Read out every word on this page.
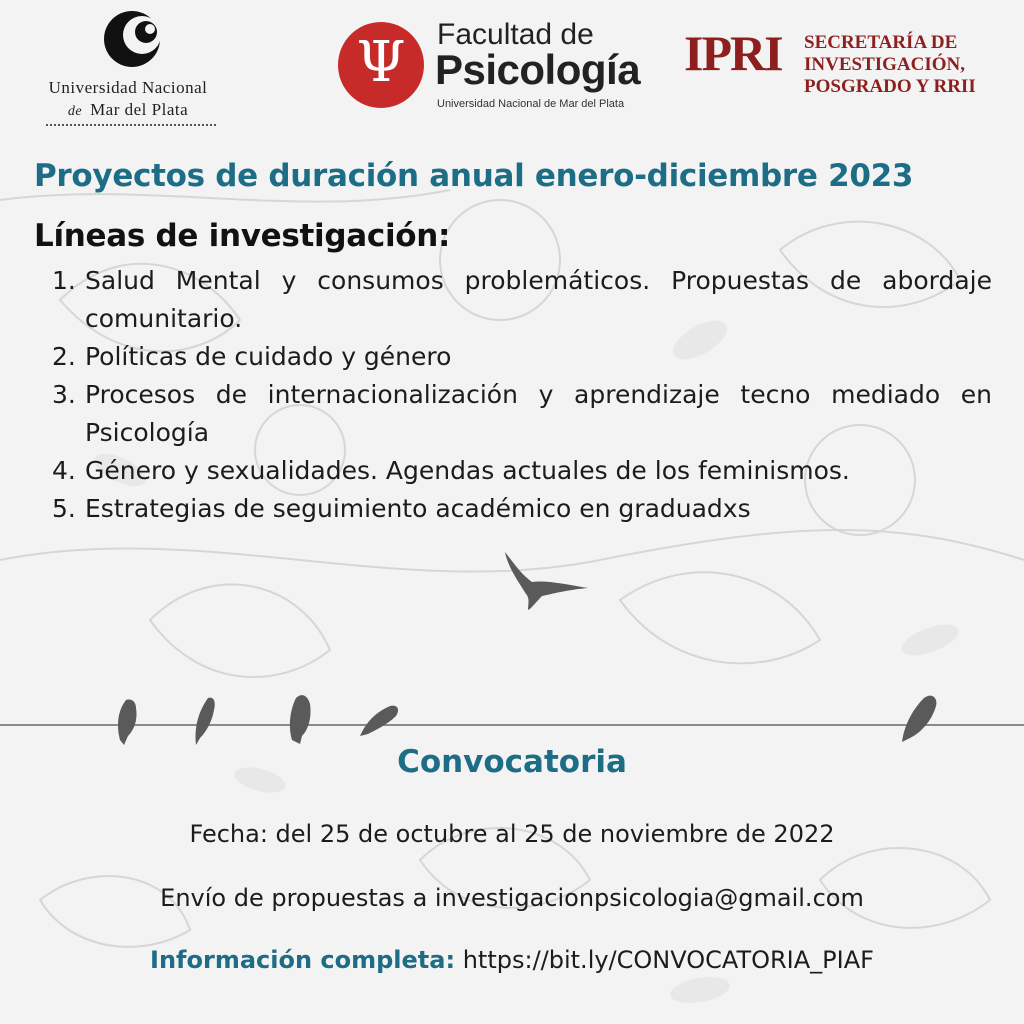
Universidad Nacional
de Mar del Plata
Ψ Facultad de
Psicología
Universidad Nacional de Mar del Plata
IPRI SECRETARÍA DE
INVESTIGACIÓN,
POSGRADO Y RRII
Proyectos de duración anual enero-diciembre 2023
Líneas de investigación:
1. Salud Mental y consumos problemáticos. Propuestas de abordaje comunitario.
2. Políticas de cuidado y género
3. Procesos de internacionalización y aprendizaje tecno mediado en Psicología
4. Género y sexualidades. Agendas actuales de los feminismos.
5. Estrategias de seguimiento académico en graduadxs
Convocatoria
Fecha: del 25 de octubre al 25 de noviembre de 2022
Envío de propuestas a investigacionpsicologia@gmail.com
Información completa: https://bit.ly/CONVOCATORIA_PIAF
